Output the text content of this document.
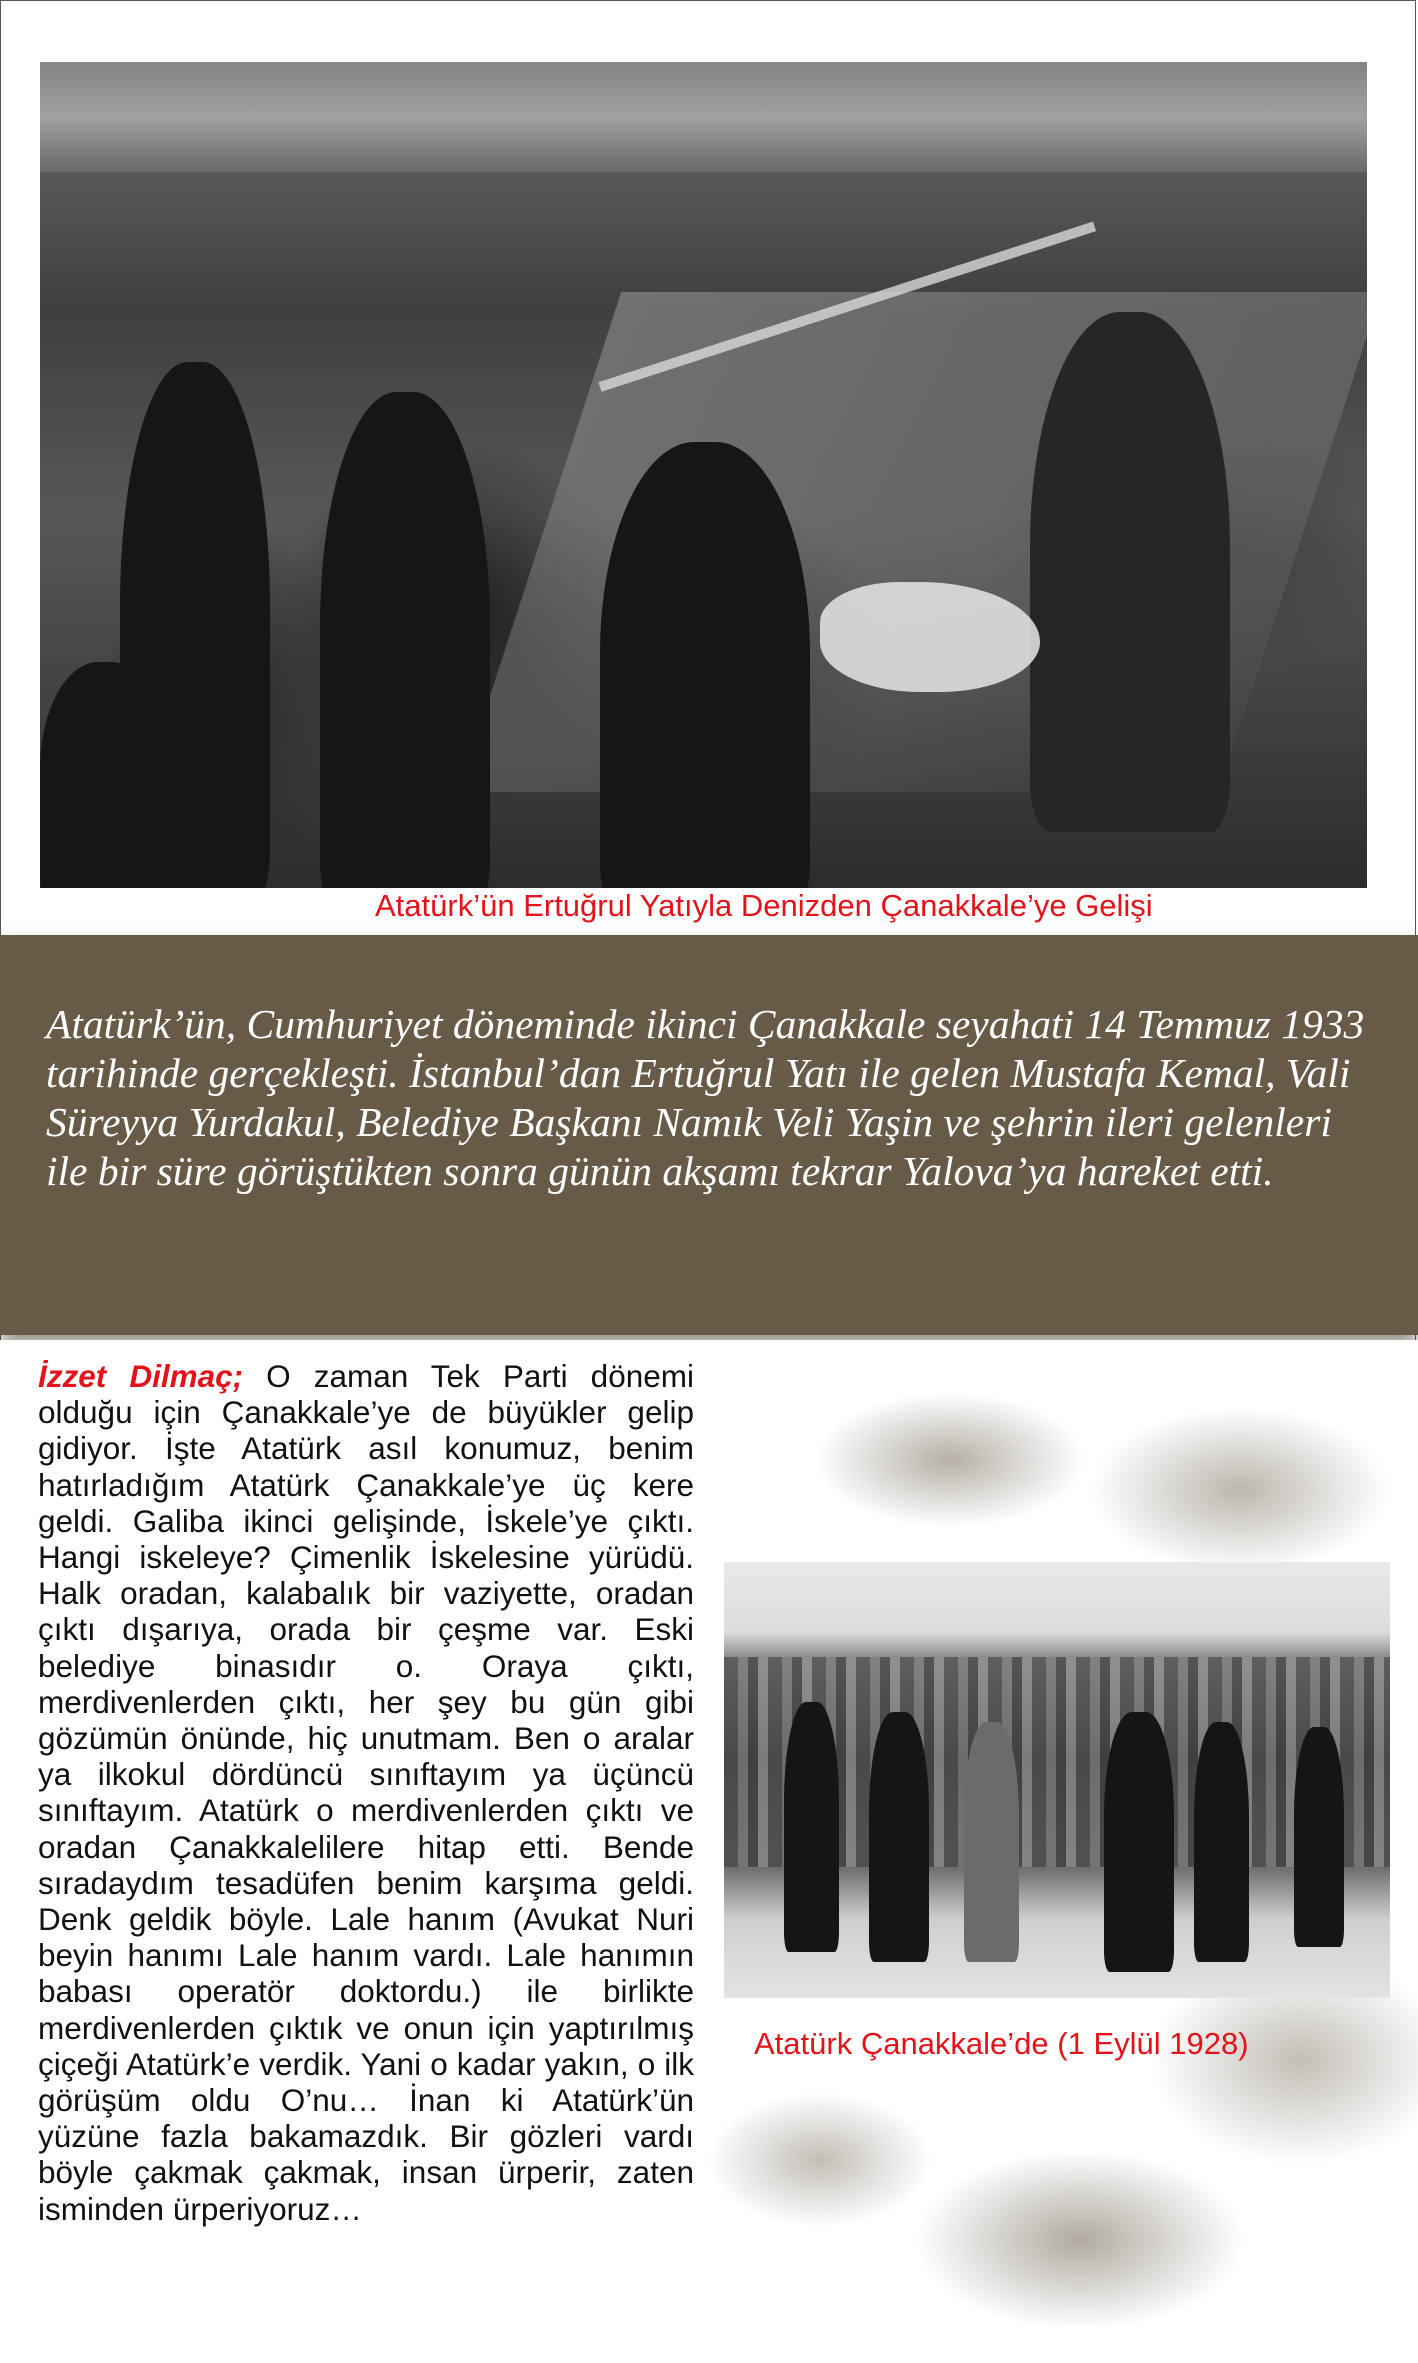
Atatürk’ün Ertuğrul Yatıyla Denizden Çanakkale’ye Gelişi

Atatürk’ün, Cumhuriyet döneminde ikinci Çanakkale seyahati 14 Temmuz 1933 tarihinde gerçekleşti. İstanbul’dan Ertuğrul Yatı ile gelen Mustafa Kemal, Vali Süreyya Yurdakul, Belediye Başkanı Namık Veli Yaşin ve şehrin ileri gelenleri ile bir süre görüştükten sonra günün akşamı tekrar Yalova’ya hareket etti.

İzzet Dilmaç; O zaman Tek Parti dönemi olduğu için Çanakkale’ye de büyükler gelip gidiyor. İşte Atatürk asıl konumuz, benim hatırladığım Atatürk Çanakkale’ye üç kere geldi. Galiba ikinci gelişinde, İskele’ye çıktı. Hangi iskeleye? Çimenlik İskelesine yürüdü. Halk oradan, kalabalık bir vaziyette, oradan çıktı dışarıya, orada bir çeşme var. Eski belediye binasıdır o. Oraya çıktı, merdivenlerden çıktı, her şey bu gün gibi gözümün önünde, hiç unutmam. Ben o aralar ya ilkokul dördüncü sınıftayım ya üçüncü sınıftayım. Atatürk o merdivenlerden çıktı ve oradan Çanakkalelilere hitap etti. Bende sıradaydım tesadüfen benim karşıma geldi. Denk geldik böyle. Lale hanım (Avukat Nuri beyin hanımı Lale hanım vardı. Lale hanımın babası operatör doktordu.) ile birlikte merdivenlerden çıktık ve onun için yaptırılmış çiçeği Atatürk’e verdik. Yani o kadar yakın, o ilk görüşüm oldu O’nu… İnan ki Atatürk’ün yüzüne fazla bakamazdık. Bir gözleri vardı böyle çakmak çakmak, insan ürperir, zaten isminden ürperiyoruz…

Atatürk Çanakkale’de (1 Eylül 1928)
